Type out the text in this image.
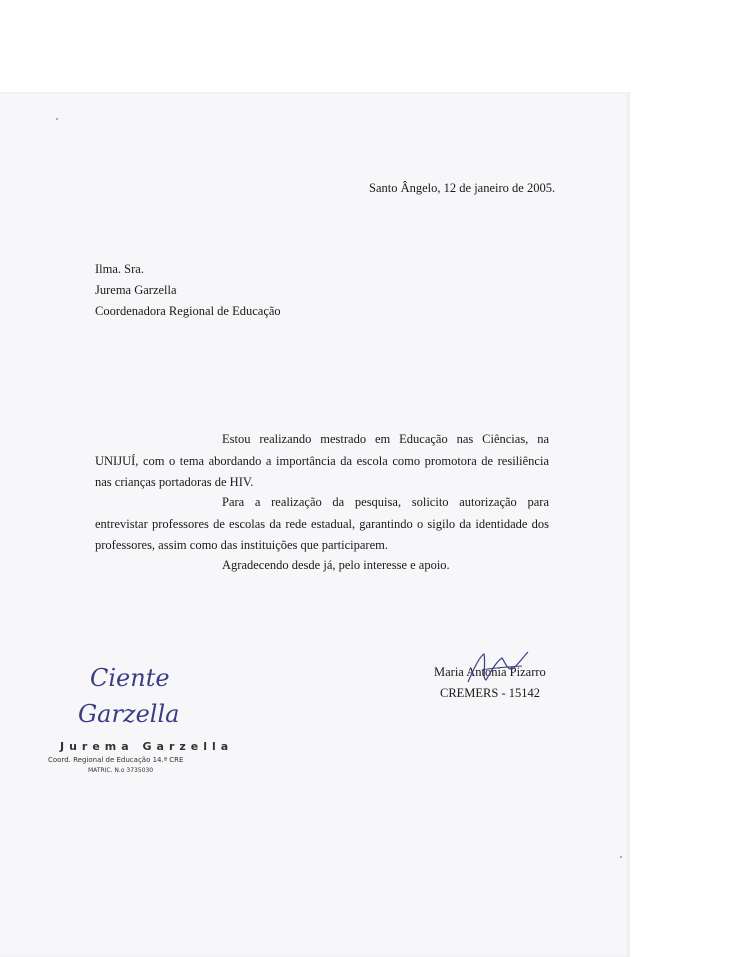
Santo Ângelo, 12 de janeiro de 2005.
Ilma. Sra.
Jurema Garzella
Coordenadora Regional de Educação
Estou realizando mestrado em Educação nas Ciências, na UNIJUÍ, com o tema abordando a importância da escola como promotora de resiliência nas crianças portadoras de HIV.
Para a realização da pesquisa, solicito autorização para entrevistar professores de escolas da rede estadual, garantindo o sigilo da identidade dos professores, assim como das instituições que participarem.
Agradecendo desde já, pelo interesse e apoio.
Maria Antonia Pizarro
CREMERS - 15142
Ciente
Garzella
Jurema Garzella
Coord. Regional de Educação 14.ª CRE
MATRIC. N.o 3735030
